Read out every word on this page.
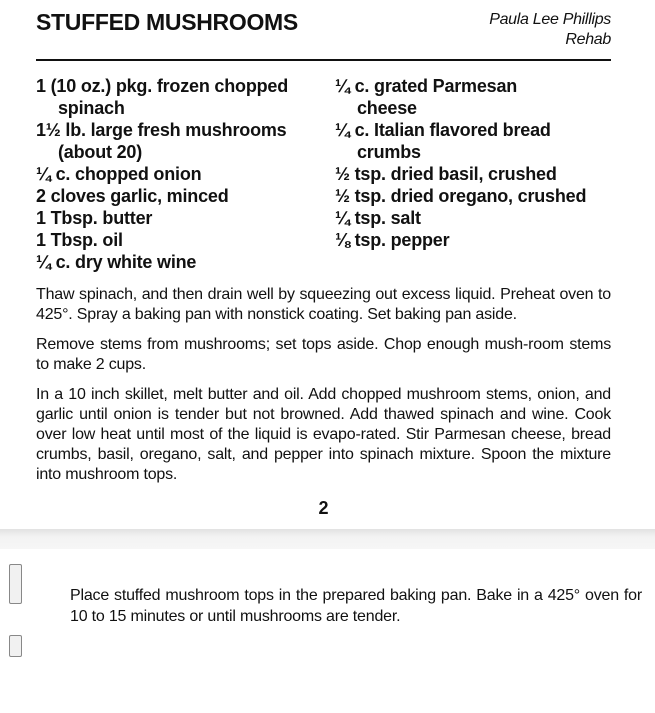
STUFFED MUSHROOMS	Paula Lee Phillips
Rehab
1 (10 oz.) pkg. frozen chopped spinach
1½ lb. large fresh mushrooms (about 20)
¼ c. chopped onion
2 cloves garlic, minced
1 Tbsp. butter
1 Tbsp. oil
¼ c. dry white wine
¼ c. grated Parmesan cheese
¼ c. Italian flavored bread crumbs
½ tsp. dried basil, crushed
½ tsp. dried oregano, crushed
¼ tsp. salt
⅛ tsp. pepper
Thaw spinach, and then drain well by squeezing out excess liquid. Preheat oven to 425°. Spray a baking pan with nonstick coating. Set baking pan aside.
Remove stems from mushrooms; set tops aside. Chop enough mush-room stems to make 2 cups.
In a 10 inch skillet, melt butter and oil. Add chopped mushroom stems, onion, and garlic until onion is tender but not browned. Add thawed spinach and wine. Cook over low heat until most of the liquid is evapo-rated. Stir Parmesan cheese, bread crumbs, basil, oregano, salt, and pepper into spinach mixture. Spoon the mixture into mushroom tops.
2
Place stuffed mushroom tops in the prepared baking pan. Bake in a 425° oven for 10 to 15 minutes or until mushrooms are tender.
